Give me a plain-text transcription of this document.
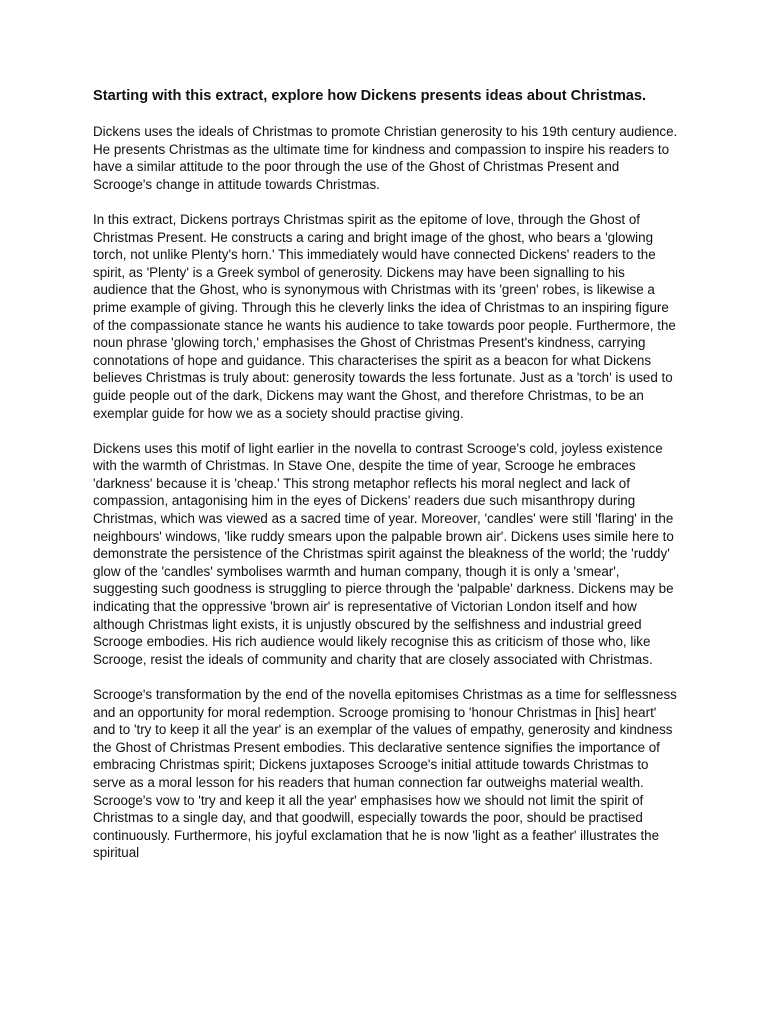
Starting with this extract, explore how Dickens presents ideas about Christmas.

Dickens uses the ideals of Christmas to promote Christian generosity to his 19th century audience. He presents Christmas as the ultimate time for kindness and compassion to inspire his readers to have a similar attitude to the poor through the use of the Ghost of Christmas Present and Scrooge's change in attitude towards Christmas.

In this extract, Dickens portrays Christmas spirit as the epitome of love, through the Ghost of Christmas Present. He constructs a caring and bright image of the ghost, who bears a 'glowing torch, not unlike Plenty's horn.' This immediately would have connected Dickens' readers to the spirit, as 'Plenty' is a Greek symbol of generosity. Dickens may have been signalling to his audience that the Ghost, who is synonymous with Christmas with its 'green' robes, is likewise a prime example of giving. Through this he cleverly links the idea of Christmas to an inspiring figure of the compassionate stance he wants his audience to take towards poor people. Furthermore, the noun phrase 'glowing torch,' emphasises the Ghost of Christmas Present's kindness, carrying connotations of hope and guidance. This characterises the spirit as a beacon for what Dickens believes Christmas is truly about: generosity towards the less fortunate. Just as a 'torch' is used to guide people out of the dark, Dickens may want the Ghost, and therefore Christmas, to be an exemplar guide for how we as a society should practise giving.

Dickens uses this motif of light earlier in the novella to contrast Scrooge's cold, joyless existence with the warmth of Christmas. In Stave One, despite the time of year, Scrooge he embraces 'darkness' because it is 'cheap.' This strong metaphor reflects his moral neglect and lack of compassion, antagonising him in the eyes of Dickens' readers due such misanthropy during Christmas, which was viewed as a sacred time of year. Moreover, 'candles' were still 'flaring' in the neighbours' windows, 'like ruddy smears upon the palpable brown air'. Dickens uses simile here to demonstrate the persistence of the Christmas spirit against the bleakness of the world; the 'ruddy' glow of the 'candles' symbolises warmth and human company, though it is only a 'smear', suggesting such goodness is struggling to pierce through the 'palpable' darkness. Dickens may be indicating that the oppressive 'brown air' is representative of Victorian London itself and how although Christmas light exists, it is unjustly obscured by the selfishness and industrial greed Scrooge embodies. His rich audience would likely recognise this as criticism of those who, like Scrooge, resist the ideals of community and charity that are closely associated with Christmas.

Scrooge's transformation by the end of the novella epitomises Christmas as a time for selflessness and an opportunity for moral redemption. Scrooge promising to 'honour Christmas in [his] heart' and to 'try to keep it all the year' is an exemplar of the values of empathy, generosity and kindness the Ghost of Christmas Present embodies. This declarative sentence signifies the importance of embracing Christmas spirit; Dickens juxtaposes Scrooge's initial attitude towards Christmas to serve as a moral lesson for his readers that human connection far outweighs material wealth. Scrooge's vow to 'try and keep it all the year' emphasises how we should not limit the spirit of Christmas to a single day, and that goodwill, especially towards the poor, should be practised continuously. Furthermore, his joyful exclamation that he is now 'light as a feather' illustrates the spiritual
